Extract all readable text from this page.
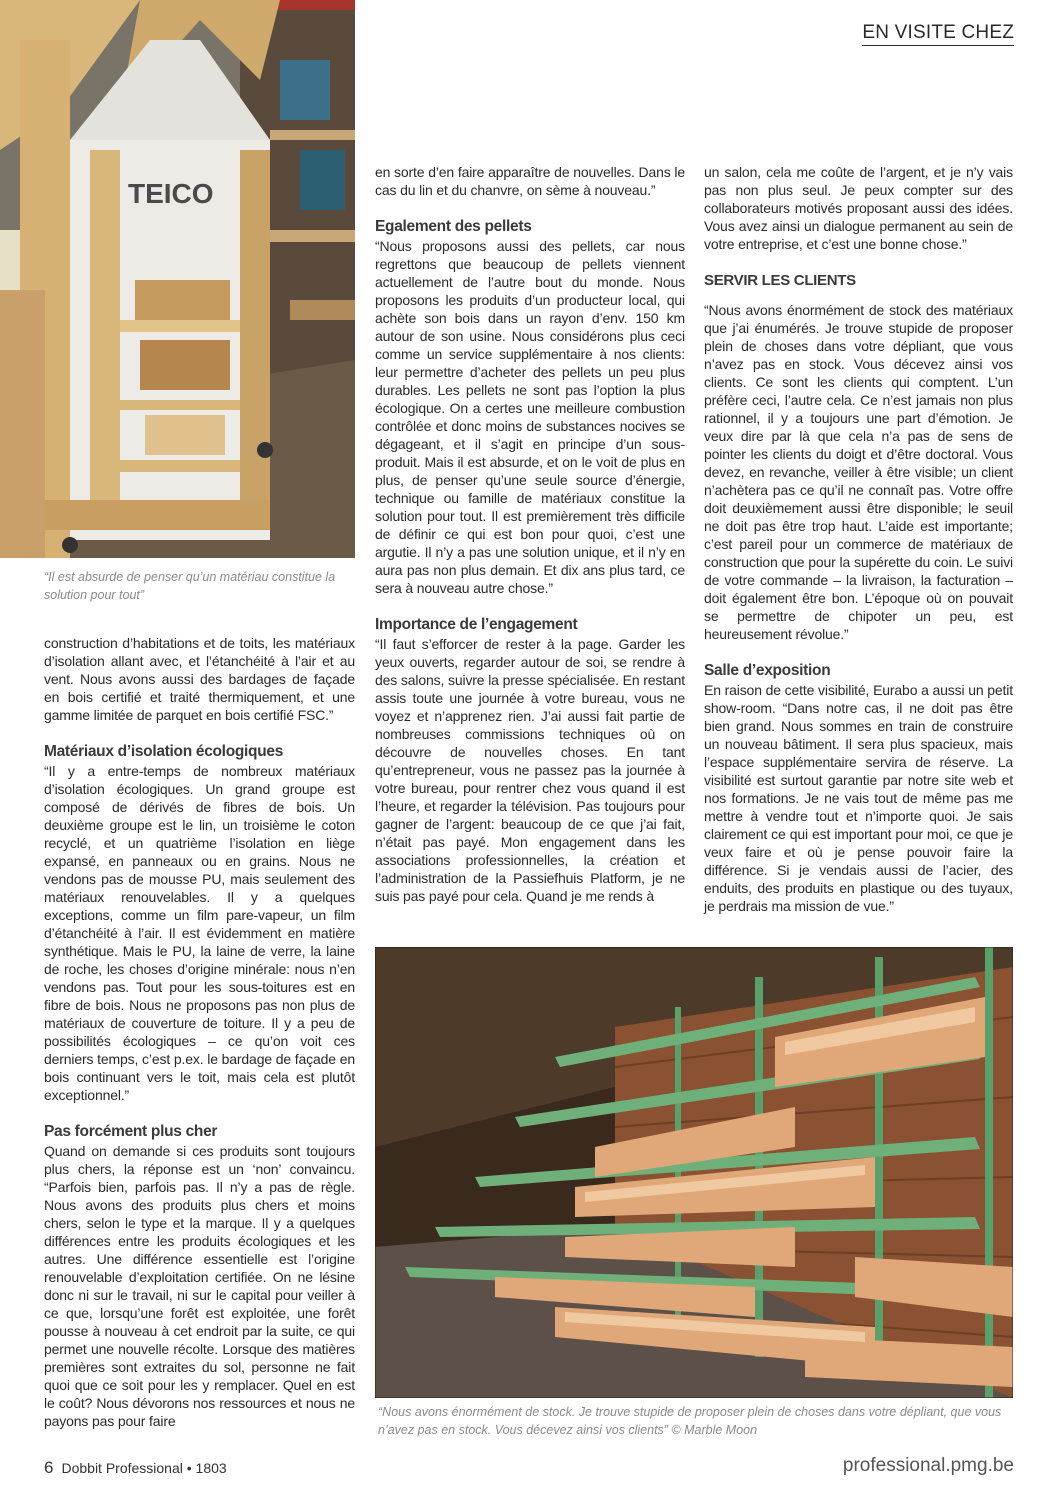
EN VISITE CHEZ
TEICO
“Il est absurde de penser qu’un matériau constitue la solution pour tout”

construction d’habitations et de toits, les matériaux d’isolation allant avec, et l’étanchéité à l’air et au vent. Nous avons aussi des bardages de façade en bois certifié et traité thermiquement, et une gamme limitée de parquet en bois certifié FSC.”

Matériaux d’isolation écologiques

“Il y a entre-temps de nombreux matériaux d’isolation écologiques. Un grand groupe est composé de dérivés de fibres de bois. Un deuxième groupe est le lin, un troisième le coton recyclé, et un quatrième l’isolation en liège expansé, en panneaux ou en grains. Nous ne vendons pas de mousse PU, mais seulement des matériaux renouvelables. Il y a quelques exceptions, comme un film pare-vapeur, un film d’étanchéité à l’air. Il est évidemment en matière synthétique. Mais le PU, la laine de verre, la laine de roche, les choses d’origine minérale: nous n’en vendons pas. Tout pour les sous-toitures est en fibre de bois. Nous ne proposons pas non plus de matériaux de couverture de toiture. Il y a peu de possibilités écologiques – ce qu’on voit ces derniers temps, c’est p.ex. le bardage de façade en bois continuant vers le toit, mais cela est plutôt exceptionnel.”

Pas forcément plus cher

Quand on demande si ces produits sont toujours plus chers, la réponse est un ‘non’ convaincu. “Parfois bien, parfois pas. Il n’y a pas de règle. Nous avons des produits plus chers et moins chers, selon le type et la marque. Il y a quelques différences entre les produits écologiques et les autres. Une différence essentielle est l’origine renouvelable d’exploitation certifiée. On ne lésine donc ni sur le travail, ni sur le capital pour veiller à ce que, lorsqu’une forêt est exploitée, une forêt pousse à nouveau à cet endroit par la suite, ce qui permet une nouvelle récolte. Lorsque des matières premières sont extraites du sol, personne ne fait quoi que ce soit pour les y remplacer. Quel en est le coût? Nous dévorons nos ressources et nous ne payons pas pour faire

en sorte d’en faire apparaître de nouvelles. Dans le cas du lin et du chanvre, on sème à nouveau.”

Egalement des pellets

“Nous proposons aussi des pellets, car nous regrettons que beaucoup de pellets viennent actuellement de l’autre bout du monde. Nous proposons les produits d’un producteur local, qui achète son bois dans un rayon d’env. 150 km autour de son usine. Nous considérons plus ceci comme un service supplémentaire à nos clients: leur permettre d’acheter des pellets un peu plus durables. Les pellets ne sont pas l’option la plus écologique. On a certes une meilleure combustion contrôlée et donc moins de substances nocives se dégageant, et il s’agit en principe d’un sous-produit. Mais il est absurde, et on le voit de plus en plus, de penser qu’une seule source d’énergie, technique ou famille de matériaux constitue la solution pour tout. Il est premièrement très difficile de définir ce qui est bon pour quoi, c’est une argutie. Il n’y a pas une solution unique, et il n’y en aura pas non plus demain. Et dix ans plus tard, ce sera à nouveau autre chose.”

Importance de l’engagement

“Il faut s’efforcer de rester à la page. Garder les yeux ouverts, regarder autour de soi, se rendre à des salons, suivre la presse spécialisée. En restant assis toute une journée à votre bureau, vous ne voyez et n’apprenez rien. J’ai aussi fait partie de nombreuses commissions techniques où on découvre de nouvelles choses. En tant qu’entrepreneur, vous ne passez pas la journée à votre bureau, pour rentrer chez vous quand il est l’heure, et regarder la télévision. Pas toujours pour gagner de l’argent: beaucoup de ce que j’ai fait, n’était pas payé. Mon engagement dans les associations professionnelles, la création et l’administration de la Passiefhuis Platform, je ne suis pas payé pour cela. Quand je me rends à

un salon, cela me coûte de l’argent, et je n’y vais pas non plus seul. Je peux compter sur des collaborateurs motivés proposant aussi des idées. Vous avez ainsi un dialogue permanent au sein de votre entreprise, et c’est une bonne chose.”

SERVIR LES CLIENTS

“Nous avons énormément de stock des matériaux que j’ai énumérés. Je trouve stupide de proposer plein de choses dans votre dépliant, que vous n’avez pas en stock. Vous décevez ainsi vos clients. Ce sont les clients qui comptent. L’un préfère ceci, l’autre cela. Ce n’est jamais non plus rationnel, il y a toujours une part d’émotion. Je veux dire par là que cela n’a pas de sens de pointer les clients du doigt et d’être doctoral. Vous devez, en revanche, veiller à être visible; un client n’achètera pas ce qu’il ne connaît pas. Votre offre doit deuxièmement aussi être disponible; le seuil ne doit pas être trop haut. L’aide est importante; c’est pareil pour un commerce de matériaux de construction que pour la supérette du coin. Le suivi de votre commande – la livraison, la facturation – doit également être bon. L’époque où on pouvait se permettre de chipoter un peu, est heureusement révolue.”

Salle d’exposition

En raison de cette visibilité, Eurabo a aussi un petit show-room. “Dans notre cas, il ne doit pas être bien grand. Nous sommes en train de construire un nouveau bâtiment. Il sera plus spacieux, mais l’espace supplémentaire servira de réserve. La visibilité est surtout garantie par notre site web et nos formations. Je ne vais tout de même pas me mettre à vendre tout et n’importe quoi. Je sais clairement ce qui est important pour moi, ce que je veux faire et où je pense pouvoir faire la différence. Si je vendais aussi de l’acier, des enduits, des produits en plastique ou des tuyaux, je perdrais ma mission de vue.”

“Nous avons énormément de stock. Je trouve stupide de proposer plein de choses dans votre dépliant, que vous n’avez pas en stock. Vous décevez ainsi vos clients” © Marble Moon
6 Dobbit Professional • 1803	professional.pmg.be
